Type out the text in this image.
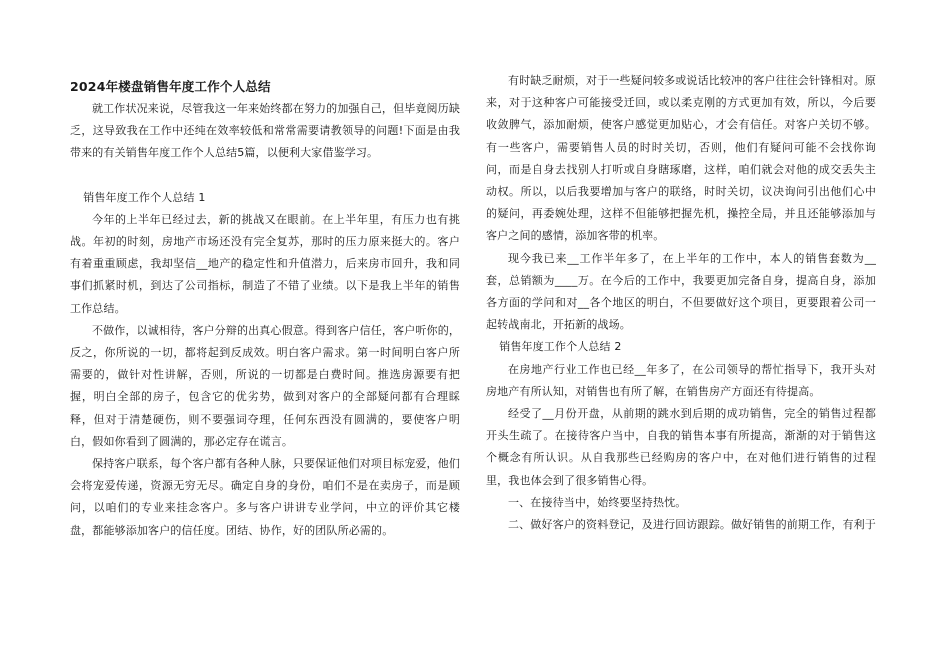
2024年楼盘销售年度工作个人总结

就工作状况来说，尽管我这一年来始终都在努力的加强自己，但毕竟阅历缺乏，这导致我在工作中还纯在效率较低和常常需要请教领导的问题!下面是由我带来的有关销售年度工作个人总结5篇，以便利大家借鉴学习。

销售年度工作个人总结 1

今年的上半年已经过去，新的挑战又在眼前。在上半年里，有压力也有挑战。年初的时刻，房地产市场还没有完全复苏，那时的压力原来挺大的。客户有着重重顾虑，我却坚信__地产的稳定性和升值潜力，后来房市回升，我和同事们抓紧时机，到达了公司指标，制造了不错了业绩。以下是我上半年的销售工作总结。

不做作，以诚相待，客户分辩的出真心假意。得到客户信任，客户听你的，反之，你所说的一切，都将起到反成效。明白客户需求。第一时间明白客户所需要的，做针对性讲解，否则，所说的一切都是白费时间。推选房源要有把握，明白全部的房子，包含它的优劣势，做到对客户的全部疑问都有合理睬释，但对于清楚硬伤，则不要强词夺理，任何东西没有圆满的，要使客户明白，假如你看到了圆满的，那必定存在谎言。

保持客户联系，每个客户都有各种人脉，只要保证他们对项目标宠爱，他们会将宠爱传递，资源无穷无尽。确定自身的身份，咱们不是在卖房子，而是顾问，以咱们的专业来挂念客户。多与客户讲讲专业学问，中立的评价其它楼盘，都能够添加客户的信任度。团结、协作，好的团队所必需的。

有时缺乏耐烦，对于一些疑问较多或说话比较冲的客户往往会针锋相对。原来，对于这种客户可能接受迁回，或以柔克刚的方式更加有效，所以，今后要收敛脾气，添加耐烦，使客户感觉更加贴心，才会有信任。对客户关切不够。有一些客户，需要销售人员的时时关切，否则，他们有疑问可能不会找你询问，而是自身去找别人打听或自身瞎琢磨，这样，咱们就会对他的成交丢失主动权。所以，以后我要增加与客户的联络，时时关切，议决询问引出他们心中的疑问，再委婉处理，这样不但能够把握先机，操控全局，并且还能够添加与客户之间的感情，添加客带的机率。

现今我已来__工作半年多了，在上半年的工作中，本人的销售套数为__套，总销额为____万。在今后的工作中，我要更加完备自身，提高自身，添加各方面的学问和对__各个地区的明白，不但要做好这个项目，更要跟着公司一起转战南北，开拓新的战场。

销售年度工作个人总结 2

在房地产行业工作也已经__年多了，在公司领导的帮忙指导下，我开头对房地产有所认知，对销售也有所了解，在销售房产方面还有待提高。

经受了__月份开盘，从前期的跳水到后期的成功销售，完全的销售过程都开头生疏了。在接待客户当中，自我的销售本事有所提高，渐渐的对于销售这个概念有所认识。从自我那些已经购房的客户中，在对他们进行销售的过程里，我也体会到了很多销售心得。

一、在接待当中，始终要坚持热忱。

二、做好客户的资料登记，及进行回访跟踪。做好销售的前期工作，有利于
